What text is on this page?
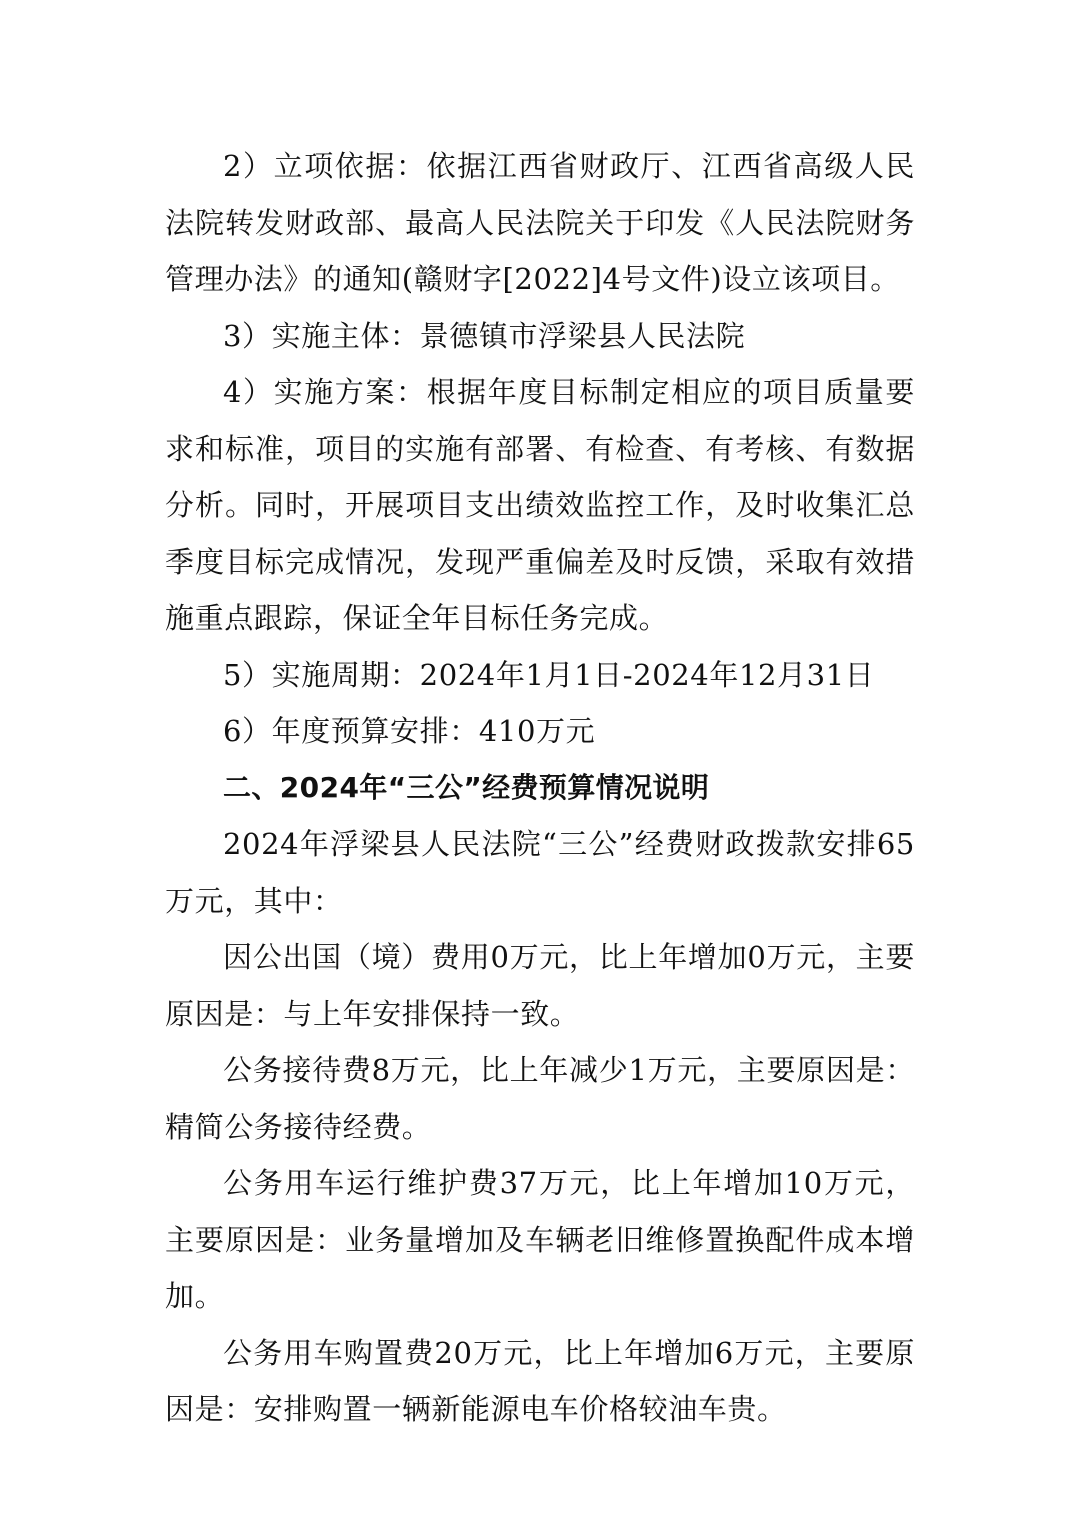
2）立项依据：依据江西省财政厅、江西省高级人民法院转发财政部、最高人民法院关于印发《人民法院财务管理办法》的通知(赣财字[2022]4号文件)设立该项目。

3）实施主体：景德镇市浮梁县人民法院

4）实施方案：根据年度目标制定相应的项目质量要求和标准，项目的实施有部署、有检查、有考核、有数据分析。同时，开展项目支出绩效监控工作，及时收集汇总季度目标完成情况，发现严重偏差及时反馈，采取有效措施重点跟踪，保证全年目标任务完成。

5）实施周期：2024年1月1日-2024年12月31日

6）年度预算安排：410万元

二、2024年“三公”经费预算情况说明

2024年浮梁县人民法院“三公”经费财政拨款安排65万元，其中：

因公出国（境）费用0万元，比上年增加0万元，主要原因是：与上年安排保持一致。

公务接待费8万元，比上年减少1万元，主要原因是：精简公务接待经费。

公务用车运行维护费37万元，比上年增加10万元，主要原因是：业务量增加及车辆老旧维修置换配件成本增加。

公务用车购置费20万元，比上年增加6万元，主要原因是：安排购置一辆新能源电车价格较油车贵。
